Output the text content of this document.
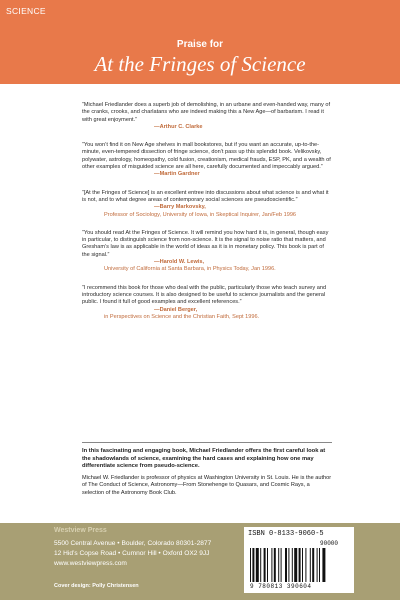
SCIENCE
Praise for
At the Fringes of Science
“Michael Friedlander does a superb job of demolishing, in an urbane and even-handed way, many of the cranks, crooks, and charlatans who are indeed making this a New Age—of barbarism. I read it with great enjoyment.”
—Arthur C. Clarke
“You won’t find it on New Age shelves in mall bookstores, but if you want an accurate, up-to-the-minute, even-tempered dissection of fringe science, don’t pass up this splendid book. Velikovsky, polywater, astrology, homeopathy, cold fusion, creationism, medical frauds, ESP, PK, and a wealth of other examples of misguided science are all here, carefully documented and impeccably argued.”
—Martin Gardner
“[At the Fringes of Science] is an excellent entree into discussions about what science is and what it is not, and to what degree areas of contemporary social sciences are pseudoscientific.”
—Barry Markovsky,
Professor of Sociology, University of Iowa, in Skeptical Inquirer, Jan/Feb 1996
“You should read At the Fringes of Science. It will remind you how hard it is, in general, though easy in particular, to distinguish science from non-science. It is the signal to noise ratio that matters, and Gresham’s law is as applicable in the world of ideas as it is in monetary policy. This book is part of the signal.”
—Harold W. Lewis,
University of California at Santa Barbara, in Physics Today, Jan 1996.
“I recommend this book for those who deal with the public, particularly those who teach survey and introductory science courses. It is also designed to be useful to science journalists and the general public. I found it full of good examples and excellent references.”
—Daniel Berger,
in Perspectives on Science and the Christian Faith, Sept 1996.
In this fascinating and engaging book, Michael Friedlander offers the first careful look at the shadowlands of science, examining the hard cases and explaining how one may differentiate science from pseudo-science.
Michael W. Friedlander is professor of physics at Washington University in St. Louis. He is the author of The Conduct of Science, Astronomy—From Stonehenge to Quasars, and Cosmic Rays, a selection of the Astronomy Book Club.
Westview Press
5500 Central Avenue • Boulder, Colorado 80301-2877
12 Hid’s Copse Road • Cumnor Hill • Oxford OX2 9JJ
www.westviewpress.com
Cover design: Polly Christensen
ISBN 0-8133-9060-5
90000
9 780813 390604
